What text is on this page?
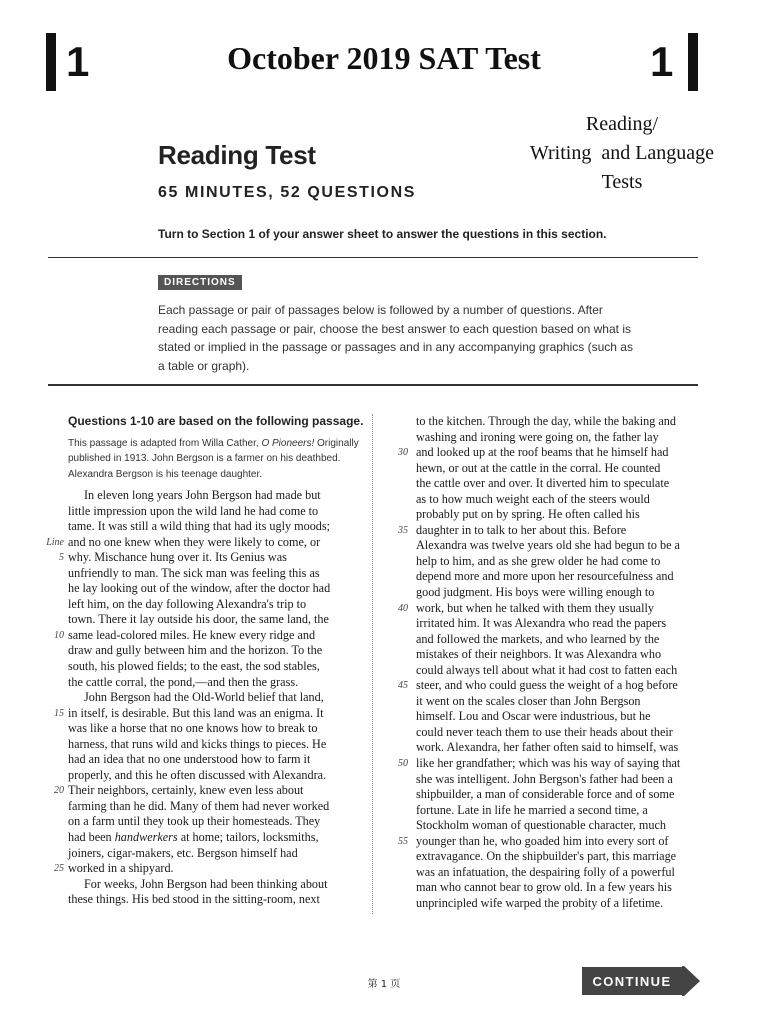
1	1
October 2019 SAT Test
Reading/
Writing  and Language
Tests
Reading Test
65 MINUTES, 52 QUESTIONS
Turn to Section 1 of your answer sheet to answer the questions in this section.
DIRECTIONS
Each passage or pair of passages below is followed by a number of questions. After reading each passage or pair, choose the best answer to each question based on what is stated or implied in the passage or passages and in any accompanying graphics (such as a table or graph).
Questions 1-10 are based on the following passage.
This passage is adapted from Willa Cather, O Pioneers! Originally published in 1913. John Bergson is a farmer on his deathbed. Alexandra Bergson is his teenage daughter.
In eleven long years John Bergson had made but
little impression upon the wild land he had come to
tame. It was still a wild thing that had its ugly moods;
Line and no one knew when they were likely to come, or
5 why. Mischance hung over it. Its Genius was
unfriendly to man. The sick man was feeling this as
he lay looking out of the window, after the doctor had
left him, on the day following Alexandra's trip to
town. There it lay outside his door, the same land, the
10 same lead-colored miles. He knew every ridge and
draw and gully between him and the horizon. To the
south, his plowed fields; to the east, the sod stables,
the cattle corral, the pond,—and then the grass.
John Bergson had the Old-World belief that land,
15 in itself, is desirable. But this land was an enigma. It
was like a horse that no one knows how to break to
harness, that runs wild and kicks things to pieces. He
had an idea that no one understood how to farm it
properly, and this he often discussed with Alexandra.
20 Their neighbors, certainly, knew even less about
farming than he did. Many of them had never worked
on a farm until they took up their homesteads. They
had been handwerkers at home; tailors, locksmiths,
joiners, cigar-makers, etc. Bergson himself had
25 worked in a shipyard.
For weeks, John Bergson had been thinking about
these things. His bed stood in the sitting-room, next
to the kitchen. Through the day, while the baking and
washing and ironing were going on, the father lay
30 and looked up at the roof beams that he himself had
hewn, or out at the cattle in the corral. He counted
the cattle over and over. It diverted him to speculate
as to how much weight each of the steers would
probably put on by spring. He often called his
35 daughter in to talk to her about this. Before
Alexandra was twelve years old she had begun to be a
help to him, and as she grew older he had come to
depend more and more upon her resourcefulness and
good judgment. His boys were willing enough to
40 work, but when he talked with them they usually
irritated him. It was Alexandra who read the papers
and followed the markets, and who learned by the
mistakes of their neighbors. It was Alexandra who
could always tell about what it had cost to fatten each
45 steer, and who could guess the weight of a hog before
it went on the scales closer than John Bergson
himself. Lou and Oscar were industrious, but he
could never teach them to use their heads about their
work. Alexandra, her father often said to himself, was
50 like her grandfather; which was his way of saying that
she was intelligent. John Bergson's father had been a
shipbuilder, a man of considerable force and of some
fortune. Late in life he married a second time, a
Stockholm woman of questionable character, much
55 younger than he, who goaded him into every sort of
extravagance. On the shipbuilder's part, this marriage
was an infatuation, the despairing folly of a powerful
man who cannot bear to grow old. In a few years his
unprincipled wife warped the probity of a lifetime.
第 1 页	CONTINUE
